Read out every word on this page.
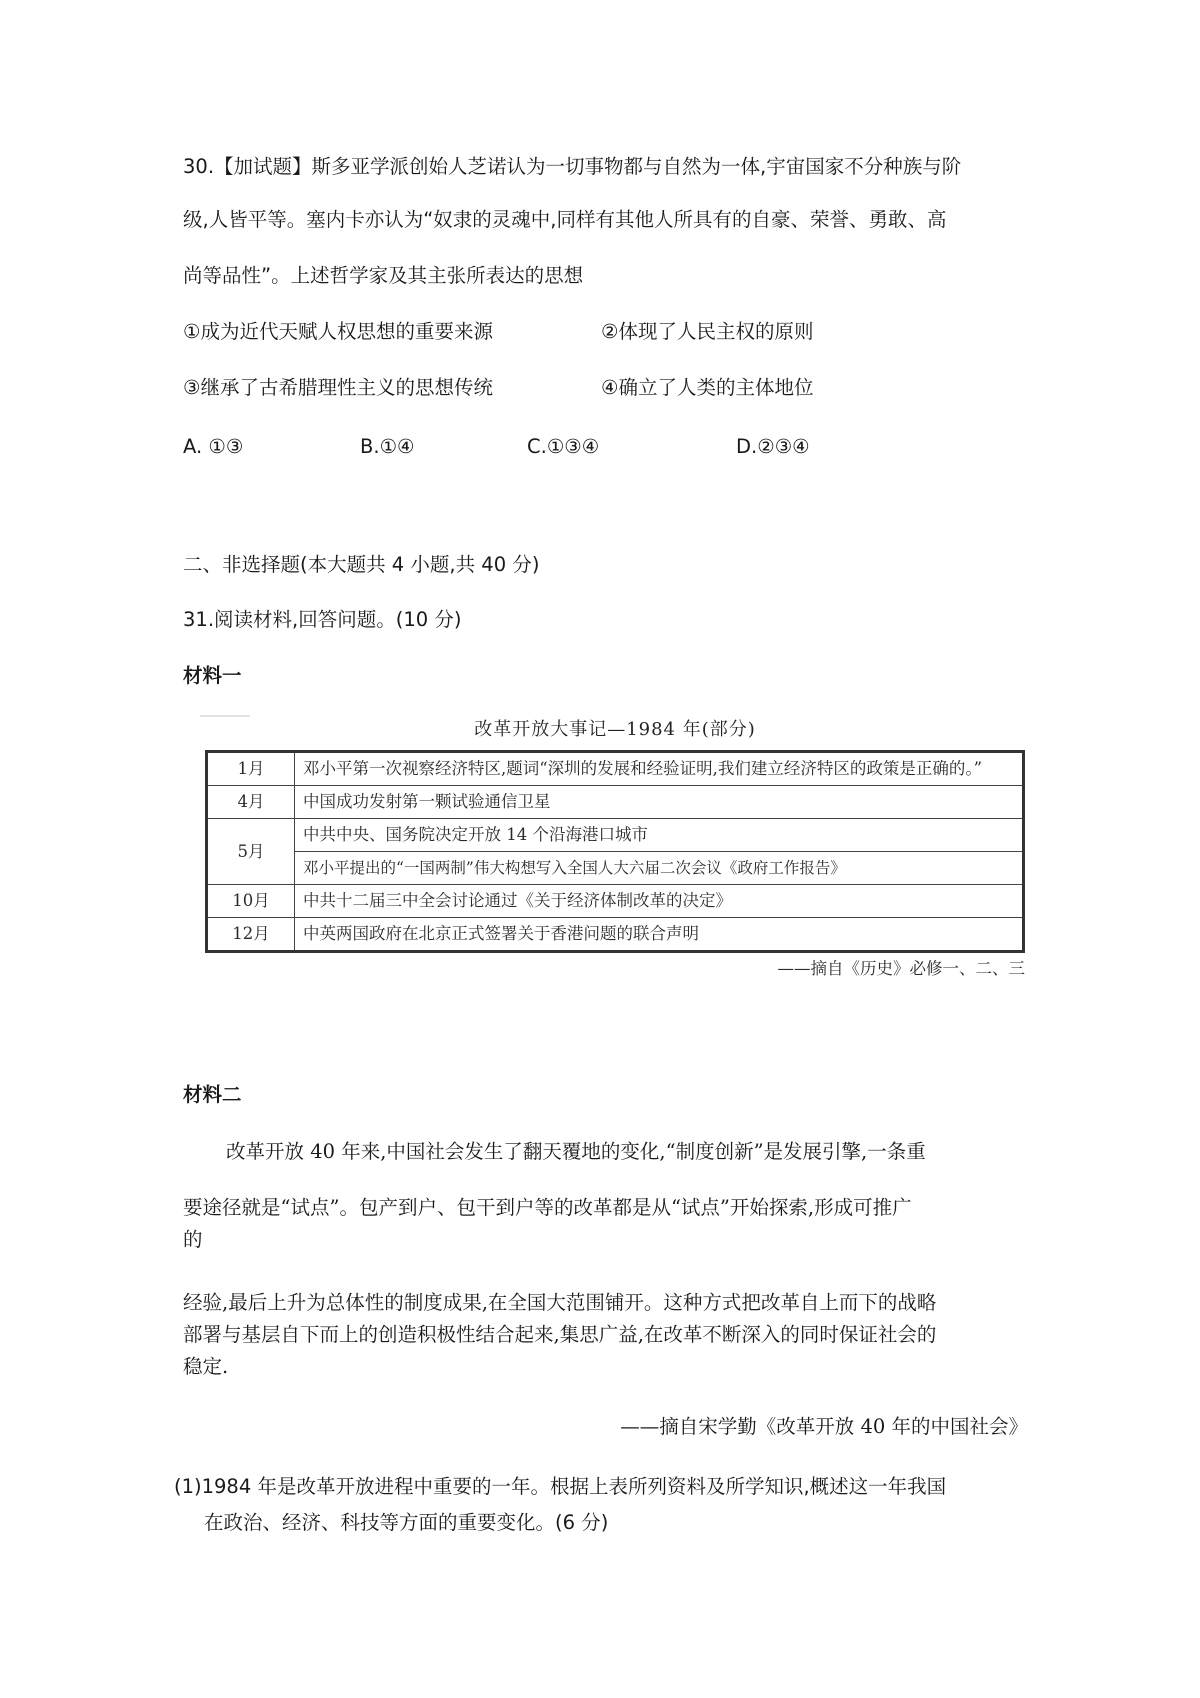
30.【加试题】斯多亚学派创始人芝诺认为一切事物都与自然为一体,宇宙国家不分种族与阶
级,人皆平等。塞内卡亦认为“奴隶的灵魂中,同样有其他人所具有的自豪、荣誉、勇敢、高
尚等品性”。上述哲学家及其主张所表达的思想
①成为近代天赋人权思想的重要来源	②体现了人民主权的原则
③继承了古希腊理性主义的思想传统	④确立了人类的主体地位
A. ①③	B.①④	C.①③④	D.②③④
二、非选择题(本大题共 4 小题,共 40 分)
31.阅读材料,回答问题。(10 分)
材料一
改革开放大事记—1984 年(部分)
1月	邓小平第一次视察经济特区,题词“深圳的发展和经验证明,我们建立经济特区的政策是正确的。”
4月	中国成功发射第一颗试验通信卫星
5月	中共中央、国务院决定开放 14 个沿海港口城市
	邓小平提出的“一国两制”伟大构想写入全国人大六届二次会议《政府工作报告》
10月	中共十二届三中全会讨论通过《关于经济体制改革的决定》
12月	中英两国政府在北京正式签署关于香港问题的联合声明
——摘自《历史》必修一、二、三
材料二
改革开放 40 年来,中国社会发生了翻天覆地的变化,“制度创新”是发展引擎,一条重
要途径就是“试点”。包产到户、包干到户等的改革都是从“试点”开始探索,形成可推广
的
经验,最后上升为总体性的制度成果,在全国大范围铺开。这种方式把改革自上而下的战略
部署与基层自下而上的创造积极性结合起来,集思广益,在改革不断深入的同时保证社会的
稳定.
——摘自宋学勤《改革开放 40 年的中国社会》
(1)1984 年是改革开放进程中重要的一年。根据上表所列资料及所学知识,概述这一年我国
在政治、经济、科技等方面的重要变化。(6 分)
